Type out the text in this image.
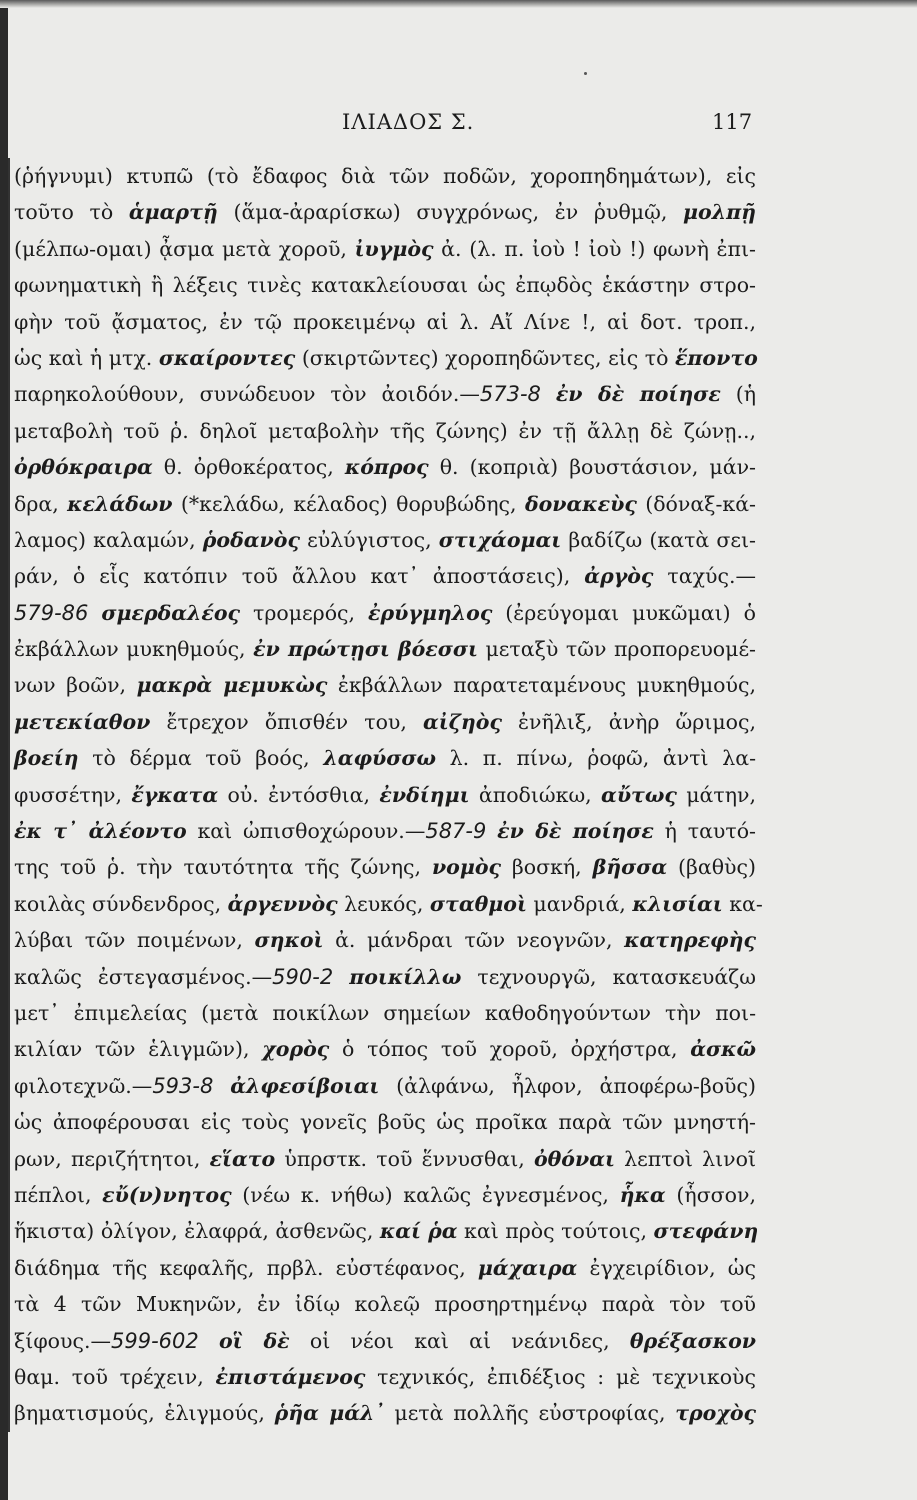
ΙΛΙΑΔΟΣ Σ.	117
(ῥήγνυμι) κτυπῶ (τὸ ἔδαφος διὰ τῶν ποδῶν, χοροπηδημάτων), εἰς
τοῦτο τὸ ἁμαρτῇ (ἅμα-ἀραρίσκω) συγχρόνως, ἐν ῥυθμῷ, μολπῇ
(μέλπω-ομαι) ᾆσμα μετὰ χοροῦ, ἰυγμὸς ἀ. (λ. π. ἰοὺ ! ἰοὺ !) φωνὴ ἐπι-
φωνηματικὴ ἢ λέξεις τινὲς κατακλείουσαι ὡς ἐπῳδὸς ἑκάστην στρο-
φὴν τοῦ ᾄσματος, ἐν τῷ προκειμένῳ αἱ λ. Αἴ Λίνε !, αἱ δοτ. τροπ.,
ὡς καὶ ἡ μτχ. σκαίροντες (σκιρτῶντες) χοροπηδῶντες, εἰς τὸ ἕποντο
παρηκολούθουν, συνώδευον τὸν ἀοιδόν.—573-8 ἐν δὲ ποίησε (ἡ
μεταβολὴ τοῦ ῥ. δηλοῖ μεταβολὴν τῆς ζώνης) ἐν τῇ ἄλλῃ δὲ ζώνῃ..,
ὀρθόκραιρα θ. ὀρθοκέρατος, κόπρος θ. (κοπριὰ) βουστάσιον, μάν-
δρα, κελάδων (*κελάδω, κέλαδος) θορυβώδης, δονακεὺς (δόναξ-κά-
λαμος) καλαμών, ῥοδανὸς εὐλύγιστος, στιχάομαι βαδίζω (κατὰ σει-
ράν, ὁ εἷς κατόπιν τοῦ ἄλλου κατ᾽ ἀποστάσεις), ἀργὸς ταχύς.—
579-86 σμερδαλέος τρομερός, ἐρύγμηλος (ἐρεύγομαι μυκῶμαι) ὁ
ἐκβάλλων μυκηθμούς, ἐν πρώτῃσι βόεσσι μεταξὺ τῶν προπορευομέ-
νων βοῶν, μακρὰ μεμυκὼς ἐκβάλλων παρατεταμένους μυκηθμούς,
μετεκίαθον ἔτρεχον ὄπισθέν του, αἰζηὸς ἐνῆλιξ, ἀνὴρ ὥριμος,
βοείη τὸ δέρμα τοῦ βοός, λαφύσσω λ. π. πίνω, ῥοφῶ, ἀντὶ λα-
φυσσέτην, ἔγκατα οὐ. ἐντόσθια, ἐνδίημι ἀποδιώκω, αὔτως μάτην,
ἐκ τ᾽ ἀλέοντο καὶ ὠπισθοχώρουν.—587-9 ἐν δὲ ποίησε ἡ ταυτό-
της τοῦ ῥ. τὴν ταυτότητα τῆς ζώνης, νομὸς βοσκή, βῆσσα (βαθὺς)
κοιλὰς σύνδενδρος, ἀργεννὸς λευκός, σταθμοὶ μανδριά, κλισίαι κα-
λύβαι τῶν ποιμένων, σηκοὶ ἀ. μάνδραι τῶν νεογνῶν, κατηρεφὴς
καλῶς ἐστεγασμένος.—590-2 ποικίλλω τεχνουργῶ, κατασκευάζω
μετ᾽ ἐπιμελείας (μετὰ ποικίλων σημείων καθοδηγούντων τὴν ποι-
κιλίαν τῶν ἑλιγμῶν), χορὸς ὁ τόπος τοῦ χοροῦ, ὀρχήστρα, ἀσκῶ
φιλοτεχνῶ.—593-8 ἀλφεσίβοιαι (ἀλφάνω, ἦλφον, ἀποφέρω-βοῦς)
ὡς ἀποφέρουσαι εἰς τοὺς γονεῖς βοῦς ὡς προῖκα παρὰ τῶν μνηστή-
ρων, περιζήτητοι, εἵατο ὑπρστκ. τοῦ ἕννυσθαι, ὀθόναι λεπτοὶ λινοῖ
πέπλοι, εὔ(ν)νητος (νέω κ. νήθω) καλῶς ἐγνεσμένος, ἧκα (ἧσσον,
ἥκιστα) ὀλίγον, ἐλαφρά, ἀσθενῶς, καί ῥα καὶ πρὸς τούτοις, στεφάνη
διάδημα τῆς κεφαλῆς, πρβλ. εὐστέφανος, μάχαιρα ἐγχειρίδιον, ὡς
τὰ 4 τῶν Μυκηνῶν, ἐν ἰδίῳ κολεῷ προσηρτημένῳ παρὰ τὸν τοῦ
ξίφους.—599-602 οἳ δὲ οἱ νέοι καὶ αἱ νεάνιδες, θρέξασκον
θαμ. τοῦ τρέχειν, ἐπιστάμενος τεχνικός, ἐπιδέξιος : μὲ τεχνικοὺς
βηματισμούς, ἑλιγμούς, ῥῆα μάλ᾽ μετὰ πολλῆς εὐστροφίας, τροχὸς
